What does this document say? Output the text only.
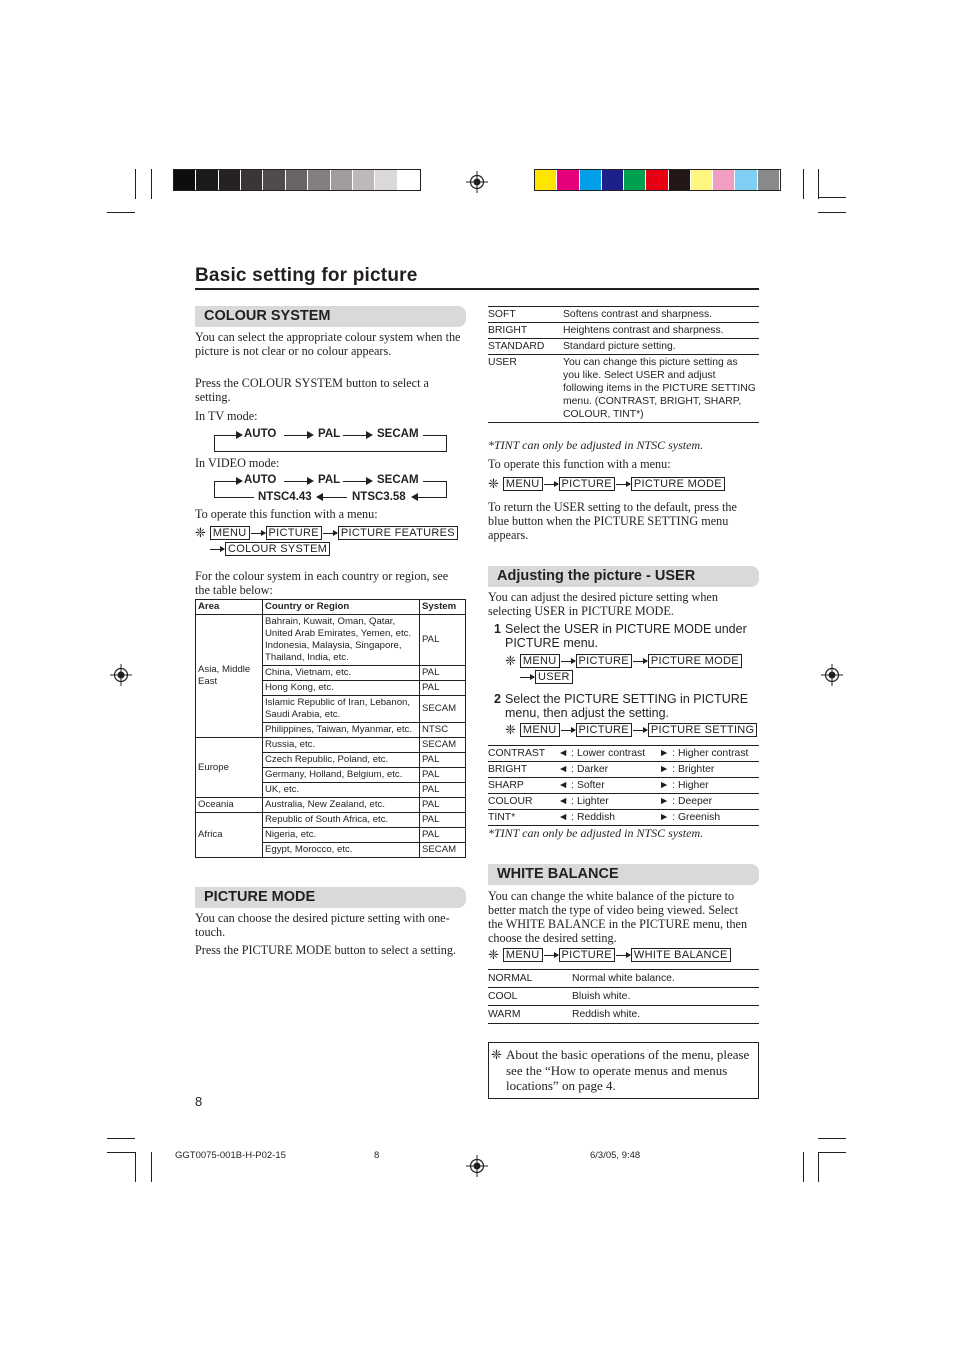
Basic setting for picture
COLOUR SYSTEM
You can select the appropriate colour system when the picture is not clear or no colour appears.
Press the COLOUR SYSTEM button to select a setting.
In TV mode:
AUTO	PAL	SECAM
In VIDEO mode:
AUTO	PAL	SECAM
NTSC3.58
NTSC4.43
To operate this function with a menu:
❈ MENU PICTURE PICTURE FEATURES
COLOUR SYSTEM
For the colour system in each country or region, see the table below:
Area	Country or Region	System
Asia, Middle East	Bahrain, Kuwait, Oman, Qatar, United Arab Emirates, Yemen, etc. Indonesia, Malaysia, Singapore, Thailand, India, etc.	PAL
	China, Vietnam, etc.	PAL
	Hong Kong, etc.	PAL
	Islamic Republic of Iran, Lebanon, Saudi Arabia, etc.	SECAM
	Philippines, Taiwan, Myanmar, etc.	NTSC
Europe	Russia, etc.	SECAM
	Czech Republic, Poland, etc.	PAL
	Germany, Holland, Belgium, etc.	PAL
	UK, etc.	PAL
Oceania	Australia, New Zealand, etc.	PAL
Africa	Republic of South Africa, etc.	PAL
	Nigeria, etc.	PAL
	Egypt, Morocco, etc.	SECAM
PICTURE MODE
You can choose the desired picture setting with one-touch.
Press the PICTURE MODE button to select a setting.
8
SOFT	Softens contrast and sharpness.
BRIGHT	Heightens contrast and sharpness.
STANDARD	Standard picture setting.
USER	You can change this picture setting as you like. Select USER and adjust following items in the PICTURE SETTING menu. (CONTRAST, BRIGHT, SHARP, COLOUR, TINT*)
*TINT can only be adjusted in NTSC system.
To operate this function with a menu:
❈ MENU PICTURE PICTURE MODE
To return the USER setting to the default, press the blue button when the PICTURE SETTING menu appears.
Adjusting the picture - USER
You can adjust the desired picture setting when selecting USER in PICTURE MODE.
1 Select the USER in PICTURE MODE under PICTURE menu.
❈ MENU PICTURE PICTURE MODE
USER
2 Select the PICTURE SETTING in PICTURE menu, then adjust the setting.
❈ MENU PICTURE PICTURE SETTING
CONTRAST	◄ : Lower contrast	► : Higher contrast
BRIGHT	◄ : Darker	► : Brighter
SHARP	◄ : Softer	► : Higher
COLOUR	◄ : Lighter	► : Deeper
TINT*	◄ : Reddish	► : Greenish
*TINT can only be adjusted in NTSC system.
WHITE BALANCE
You can change the white balance of the picture to better match the type of video being viewed. Select the WHITE BALANCE in the PICTURE menu, then choose the desired setting.
❈ MENU PICTURE WHITE BALANCE
NORMAL	Normal white balance.
COOL	Bluish white.
WARM	Reddish white.
❈ About the basic operations of the menu, please see the “How to operate menus and menus locations” on page 4.
GGT0075-001B-H-P02-15	8	6/3/05, 9:48
